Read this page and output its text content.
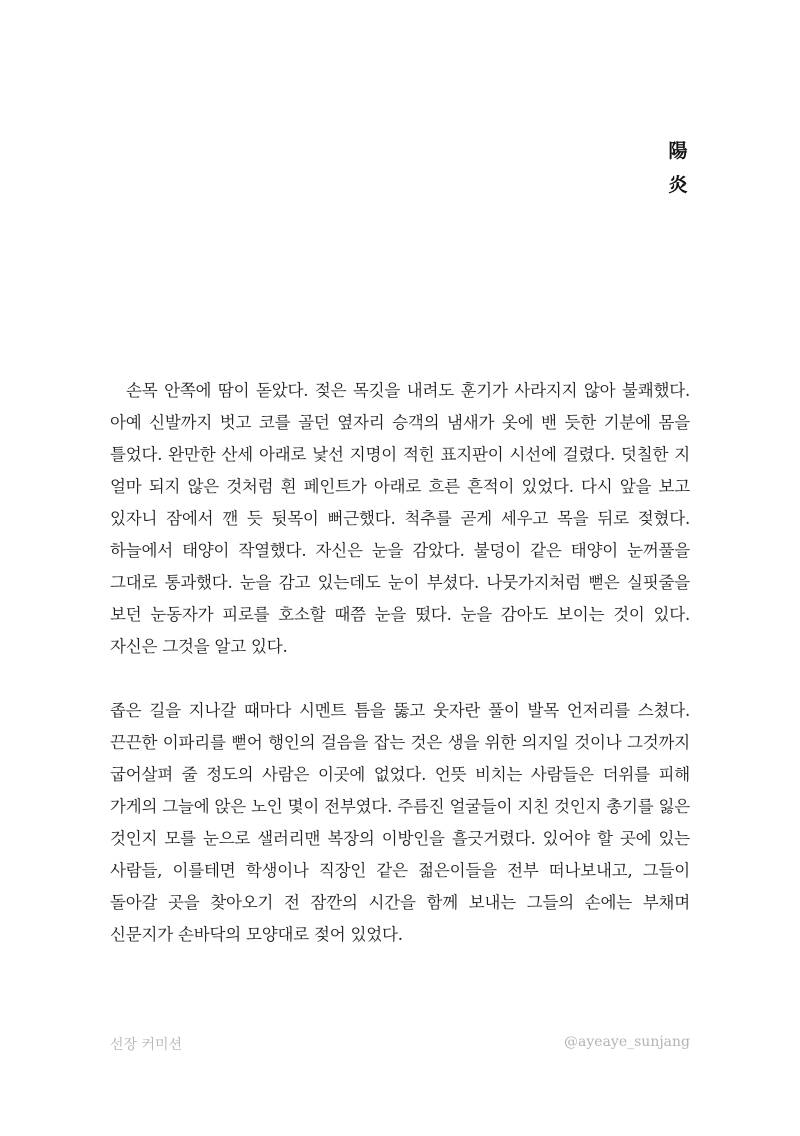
陽
炎

손목 안쪽에 땀이 돋았다. 젖은 목깃을 내려도 훈기가 사라지지 않아 불쾌했다. 아예 신발까지 벗고 코를 골던 옆자리 승객의 냄새가 옷에 밴 듯한 기분에 몸을 틀었다. 완만한 산세 아래로 낯선 지명이 적힌 표지판이 시선에 걸렸다. 덧칠한 지 얼마 되지 않은 것처럼 흰 페인트가 아래로 흐른 흔적이 있었다. 다시 앞을 보고 있자니 잠에서 깬 듯 뒷목이 뻐근했다. 척추를 곧게 세우고 목을 뒤로 젖혔다. 하늘에서 태양이 작열했다. 자신은 눈을 감았다. 불덩이 같은 태양이 눈꺼풀을 그대로 통과했다. 눈을 감고 있는데도 눈이 부셨다. 나뭇가지처럼 뻗은 실핏줄을 보던 눈동자가 피로를 호소할 때쯤 눈을 떴다. 눈을 감아도 보이는 것이 있다. 자신은 그것을 알고 있다.

좁은 길을 지나갈 때마다 시멘트 틈을 뚫고 웃자란 풀이 발목 언저리를 스쳤다. 끈끈한 이파리를 뻗어 행인의 걸음을 잡는 것은 생을 위한 의지일 것이나 그것까지 굽어살펴 줄 정도의 사람은 이곳에 없었다. 언뜻 비치는 사람들은 더위를 피해 가게의 그늘에 앉은 노인 몇이 전부였다. 주름진 얼굴들이 지친 것인지 총기를 잃은 것인지 모를 눈으로 샐러리맨 복장의 이방인을 흘긋거렸다. 있어야 할 곳에 있는 사람들, 이를테면 학생이나 직장인 같은 젊은이들을 전부 떠나보내고, 그들이 돌아갈 곳을 찾아오기 전 잠깐의 시간을 함께 보내는 그들의 손에는 부채며 신문지가 손바닥의 모양대로 젖어 있었다.

선장 커미션	@ayeaye_sunjang
